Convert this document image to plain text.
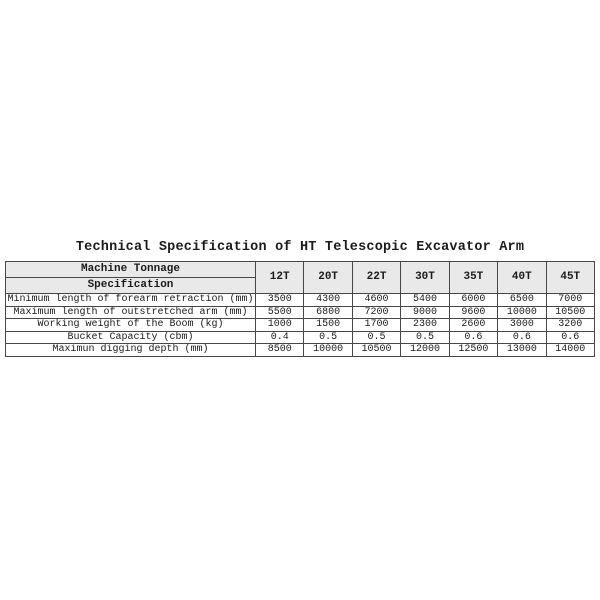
Technical Specification of HT Telescopic Excavator Arm
Machine Tonnage	12T	20T	22T	30T	35T	40T	45T
Specification							
Minimum length of forearm retraction (mm)	3500	4300	4600	5400	6000	6500	7000
Maximum length of outstretched arm (mm)	5500	6800	7200	9000	9600	10000	10500
Working weight of the Boom (kg)	1000	1500	1700	2300	2600	3000	3200
Bucket Capacity (cbm)	0.4	0.5	0.5	0.5	0.6	0.6	0.6
Maximun digging depth (mm)	8500	10000	10500	12000	12500	13000	14000
